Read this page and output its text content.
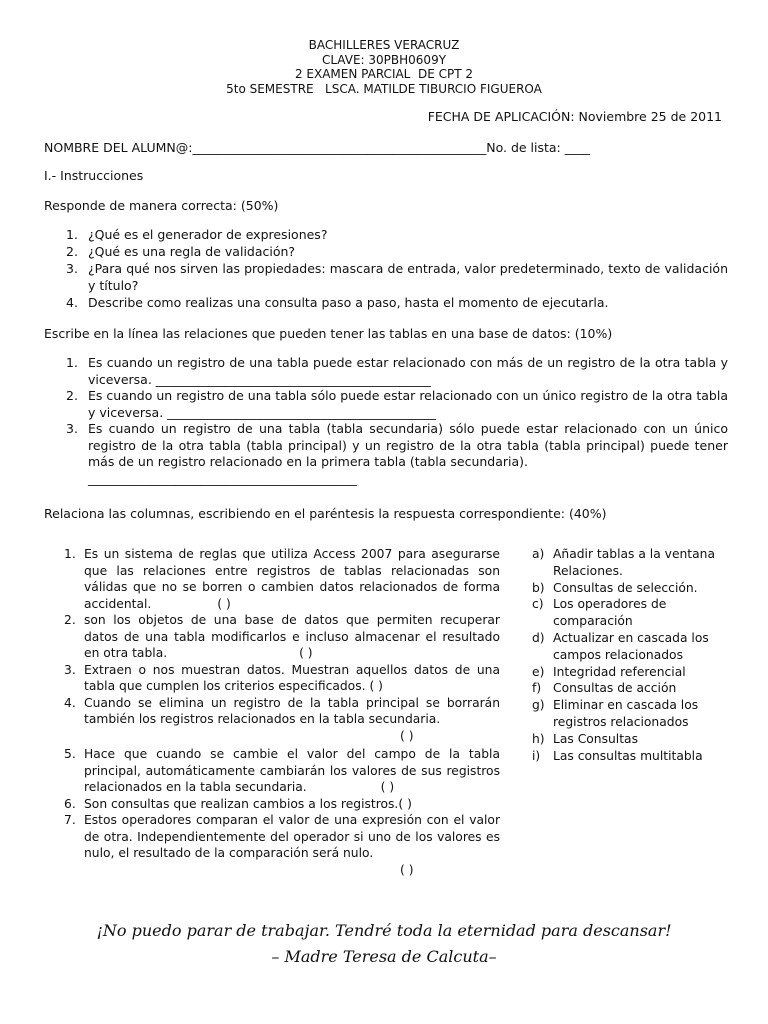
BACHILLERES VERACRUZ
CLAVE: 30PBH0609Y
2 EXAMEN PARCIAL  DE CPT 2
5to SEMESTRE   LSCA. MATILDE TIBURCIO FIGUEROA
FECHA DE APLICACIÓN: Noviembre 25 de 2011
NOMBRE DEL ALUMN@:_______________________________________________No. de lista: ____
I.- Instrucciones
Responde de manera correcta: (50%)
1. ¿Qué es el generador de expresiones?
2. ¿Qué es una regla de validación?
3. ¿Para qué nos sirven las propiedades: mascara de entrada, valor predeterminado, texto de validación y título?
4. Describe como realizas una consulta paso a paso, hasta el momento de ejecutarla.
Escribe en la línea las relaciones que pueden tener las tablas en una base de datos: (10%)
1. Es cuando un registro de una tabla puede estar relacionado con más de un registro de la otra tabla y viceversa. ____________________________________________
2. Es cuando un registro de una tabla sólo puede estar relacionado con un único registro de la otra tabla y viceversa. ___________________________________________
3. Es cuando un registro de una tabla (tabla secundaria) sólo puede estar relacionado con un único registro de la otra tabla (tabla principal) y un registro de la otra tabla (tabla principal) puede tener más de un registro relacionado en la primera tabla (tabla secundaria).
___________________________________________
Relaciona las columnas, escribiendo en el paréntesis la respuesta correspondiente: (40%)
1. Es un sistema de reglas que utiliza Access 2007 para asegurarse que las relaciones entre registros de tablas relacionadas son válidas que no se borren o cambien datos relacionados de forma accidental.	( )
2. son los objetos de una base de datos que permiten recuperar datos de una tabla modificarlos e incluso almacenar el resultado en otra tabla.	( )
3. Extraen o nos muestran datos. Muestran aquellos datos de una tabla que cumplen los criterios especificados. ( )
4. Cuando se elimina un registro de la tabla principal se borrarán también los registros relacionados en la tabla secundaria.
( )
5. Hace que cuando se cambie el valor del campo de la tabla principal, automáticamente cambiarán los valores de sus registros relacionados en la tabla secundaria.	( )
6. Son consultas que realizan cambios a los registros.( )
7. Estos operadores comparan el valor de una expresión con el valor de otra. Independientemente del operador si uno de los valores es nulo, el resultado de la comparación será nulo.
( )
a) Añadir tablas a la ventana Relaciones.
b) Consultas de selección.
c) Los operadores de comparación
d) Actualizar en cascada los campos relacionados
e) Integridad referencial
f) Consultas de acción
g) Eliminar en cascada los registros relacionados
h) Las Consultas
i) Las consultas multitabla
¡No puedo parar de trabajar. Tendré toda la eternidad para descansar!
– Madre Teresa de Calcuta–
